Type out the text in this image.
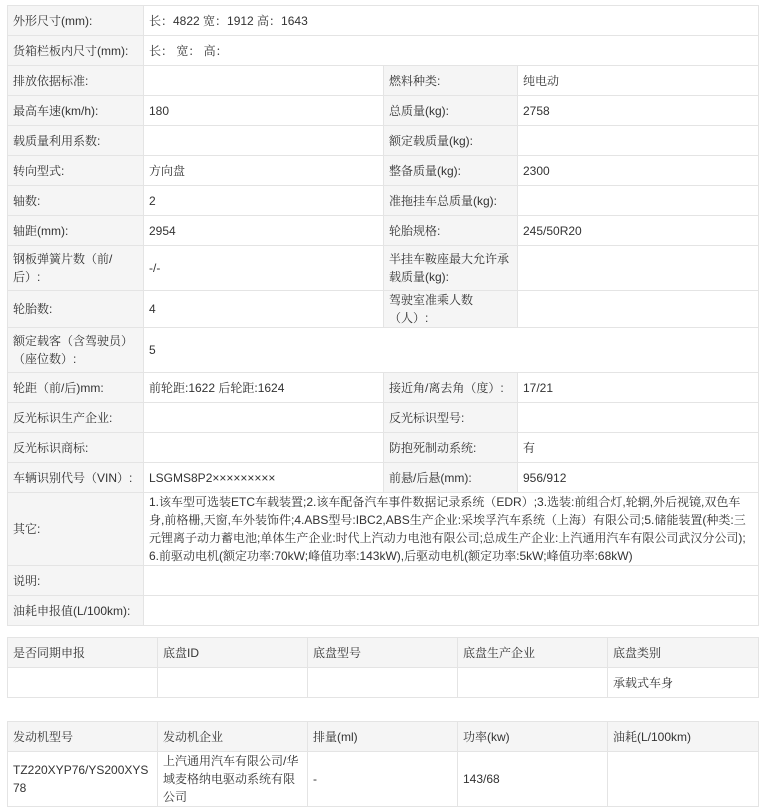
外形尺寸(mm):	长：4822 宽：1912 高：1643		
货箱栏板内尺寸(mm):	长： 宽： 高：		
排放依据标准:		燃料种类:	纯电动
最高车速(km/h):	180	总质量(kg):	2758
载质量利用系数:		额定载质量(kg):	
转向型式:	方向盘	整备质量(kg):	2300
轴数:	2	准拖挂车总质量(kg):	
轴距(mm):	2954	轮胎规格:	245/50R20
钢板弹簧片数（前/后）:	-/-	半挂车鞍座最大允许承载质量(kg):	
轮胎数:	4	驾驶室准乘人数（人）:	
额定载客（含驾驶员）（座位数）:	5		
轮距（前/后)mm:	前轮距:1622 后轮距:1624	接近角/离去角（度）:	17/21
反光标识生产企业:		反光标识型号:	
反光标识商标:		防抱死制动系统:	有
车辆识别代号（VIN）:	LSGMS8P2×××××××××	前悬/后悬(mm):	956/912
其它:	1.该车型可选装ETC车载装置;2.该车配备汽车事件数据记录系统（EDR）;3.选装:前组合灯,轮辋,外后视镜,双色车身,前格栅,天窗,车外装饰件;4.ABS型号:IBC2,ABS生产企业:采埃孚汽车系统（上海）有限公司;5.储能装置(种类:三元锂离子动力蓄电池;单体生产企业:时代上汽动力电池有限公司;总成生产企业:上汽通用汽车有限公司武汉分公司);6.前驱动电机(额定功率:70kW;峰值功率:143kW),后驱动电机(额定功率:5kW;峰值功率:68kW)		
说明:			
油耗申报值(L/100km):			
是否同期申报	底盘ID	底盘型号	底盘生产企业	底盘类别
				承载式车身
发动机型号	发动机企业	排量(ml)	功率(kw)	油耗(L/100km)
TZ220XYP76/YS200XYS78	上汽通用汽车有限公司/华域麦格纳电驱动系统有限公司	-	143/68	
